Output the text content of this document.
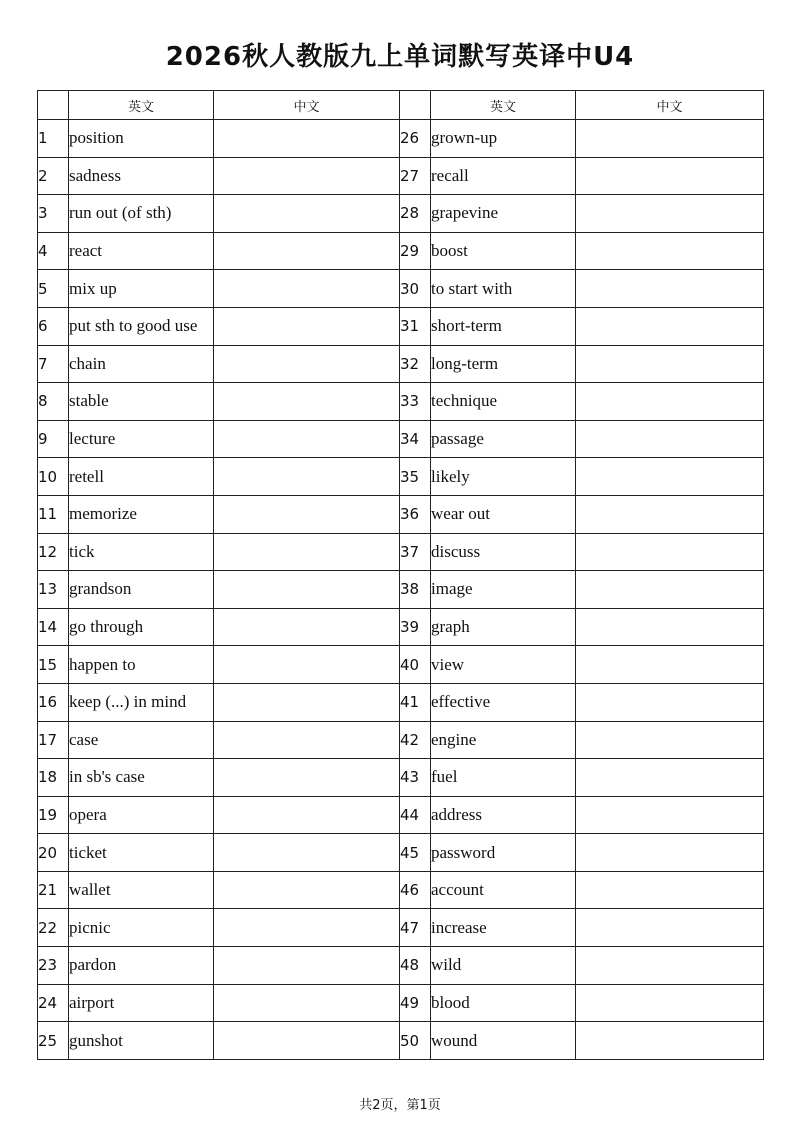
2026秋人教版九上单词默写英译中U4
	英文	中文		英文	中文
1	position		26	grown-up	
2	sadness		27	recall	
3	run out (of sth)		28	grapevine	
4	react		29	boost	
5	mix up		30	to start with	
6	put sth to good use		31	short-term	
7	chain		32	long-term	
8	stable		33	technique	
9	lecture		34	passage	
10	retell		35	likely	
11	memorize		36	wear out	
12	tick		37	discuss	
13	grandson		38	image	
14	go through		39	graph	
15	happen to		40	view	
16	keep (...) in mind		41	effective	
17	case		42	engine	
18	in sb's case		43	fuel	
19	opera		44	address	
20	ticket		45	password	
21	wallet		46	account	
22	picnic		47	increase	
23	pardon		48	wild	
24	airport		49	blood	
25	gunshot		50	wound	
共2页，第1页
